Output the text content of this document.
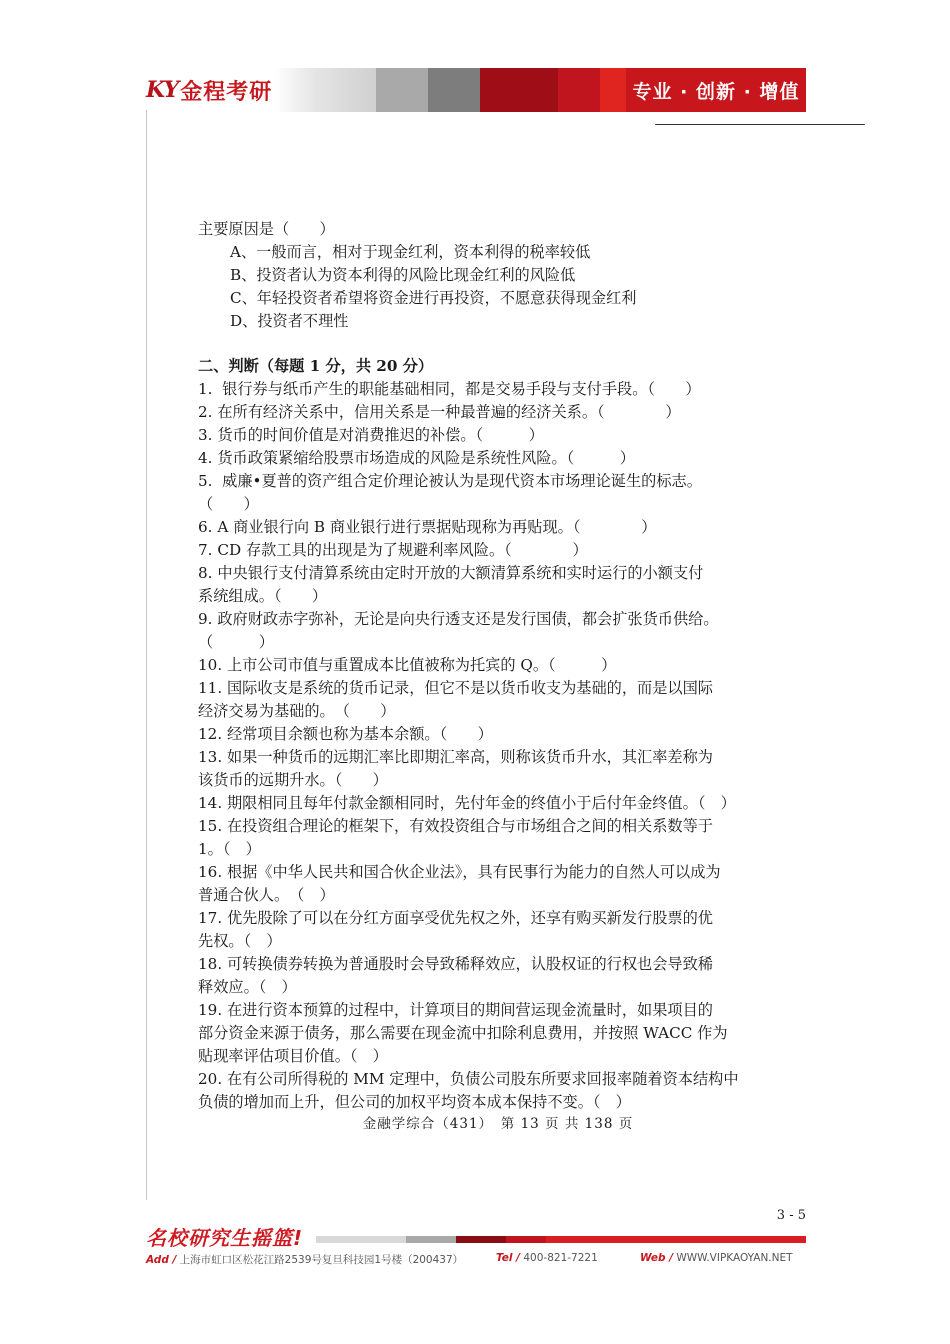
KY 金程考研	专业 · 创新 · 增值

主要原因是（　　）

A、一般而言，相对于现金红利，资本利得的税率较低

B、投资者认为资本利得的风险比现金红利的风险低

C、年轻投资者希望将资金进行再投资，不愿意获得现金红利

D、投资者不理性

二、判断（每题 1 分，共 20 分）

1.  银行券与纸币产生的职能基础相同，都是交易手段与支付手段。（　　）

2. 在所有经济关系中，信用关系是一种最普遍的经济关系。（　　　　）

3. 货币的时间价值是对消费推迟的补偿。（　　　）

4. 货币政策紧缩给股票市场造成的风险是系统性风险。（　　　）

5.  威廉•夏普的资产组合定价理论被认为是现代资本市场理论诞生的标志。

（　　）

6. A 商业银行向 B 商业银行进行票据贴现称为再贴现。（　　　　）

7. CD 存款工具的出现是为了规避利率风险。（　　　　）

8. 中央银行支付清算系统由定时开放的大额清算系统和实时运行的小额支付

系统组成。（　　）

9. 政府财政赤字弥补，无论是向央行透支还是发行国债，都会扩张货币供给。

（　　　）

10. 上市公司市值与重置成本比值被称为托宾的 Q。（　　　）

11. 国际收支是系统的货币记录，但它不是以货币收支为基础的，而是以国际

经济交易为基础的。　（　　）

12. 经常项目余额也称为基本余额。（　　）

13. 如果一种货币的远期汇率比即期汇率高，则称该货币升水，其汇率差称为

该货币的远期升水。（　　）

14. 期限相同且每年付款金额相同时，先付年金的终值小于后付年金终值。（　）

15. 在投资组合理论的框架下，有效投资组合与市场组合之间的相关系数等于

1。（　）

16. 根据《中华人民共和国合伙企业法》，具有民事行为能力的自然人可以成为

普通合伙人。　（　）

17. 优先股除了可以在分红方面享受优先权之外，还享有购买新发行股票的优

先权。（　）

18. 可转换债券转换为普通股时会导致稀释效应，认股权证的行权也会导致稀

释效应。（　）

19. 在进行资本预算的过程中，计算项目的期间营运现金流量时，如果项目的

部分资金来源于债务，那么需要在现金流中扣除利息费用，并按照 WACC 作为

贴现率评估项目价值。（　）

20. 在有公司所得税的 MM 定理中，负债公司股东所要求回报率随着资本结构中

负债的增加而上升，但公司的加权平均资本成本保持不变。（　）

金融学综合（431）　第 13 页 共 138 页
3 - 5
名校研究生摇篮!
Add / 上海市虹口区松花江路2539号复旦科技园1号楼（200437）	Tel / 400-821-7221	Web / WWW.VIPKAOYAN.NET
